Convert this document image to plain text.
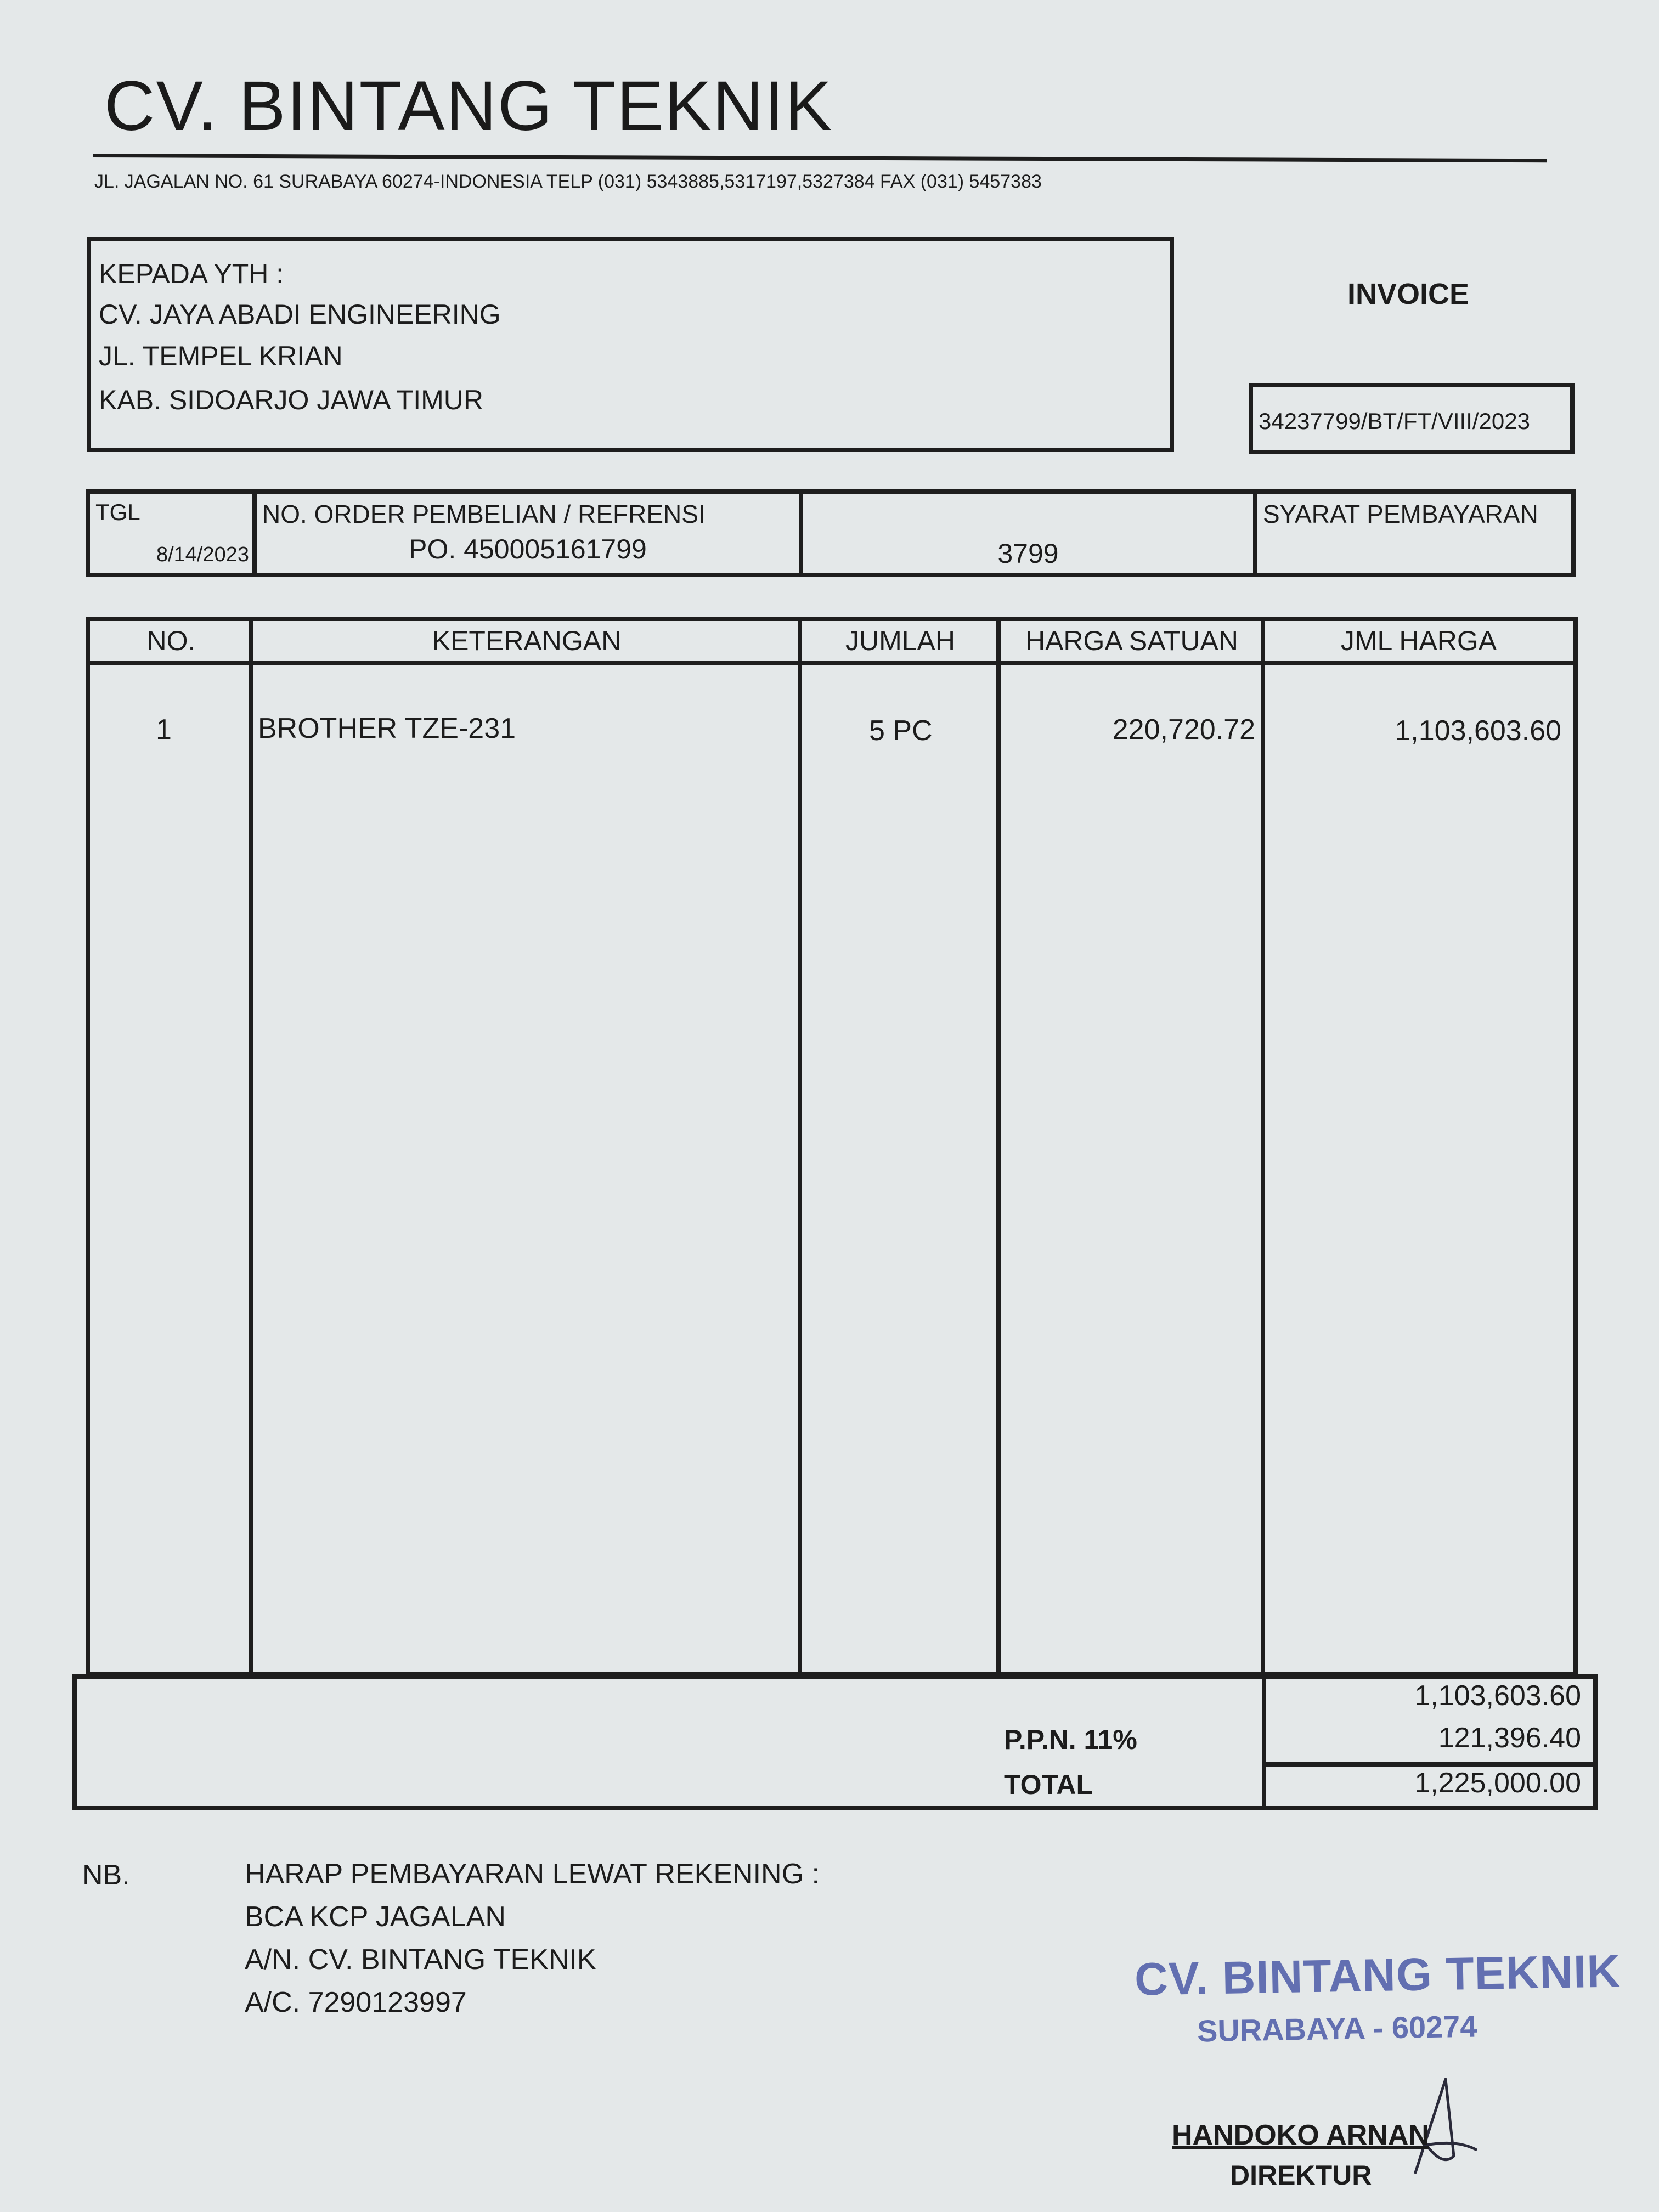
CV. BINTANG TEKNIK
JL. JAGALAN NO. 61 SURABAYA 60274-INDONESIA TELP (031) 5343885,5317197,5327384 FAX (031) 5457383
KEPADA YTH :
CV. JAYA ABADI ENGINEERING
JL. TEMPEL KRIAN
KAB. SIDOARJO JAWA TIMUR
INVOICE
34237799/BT/FT/VIII/2023
TGL
8/14/2023
NO. ORDER PEMBELIAN / REFRENSI
PO. 450005161799	3799
SYARAT PEMBAYARAN
NO.	KETERANGAN	JUMLAH	HARGA SATUAN	JML HARGA
1	BROTHER TZE-231	5 PC	220,720.72	1,103,603.60
1,103,603.60
P.P.N. 11%	121,396.40
TOTAL	1,225,000.00
NB.	HARAP PEMBAYARAN LEWAT REKENING :
BCA KCP JAGALAN
A/N. CV. BINTANG TEKNIK
A/C. 7290123997	CV. BINTANG TEKNIK
SURABAYA - 60274
HANDOKO ARNAN
DIREKTUR
